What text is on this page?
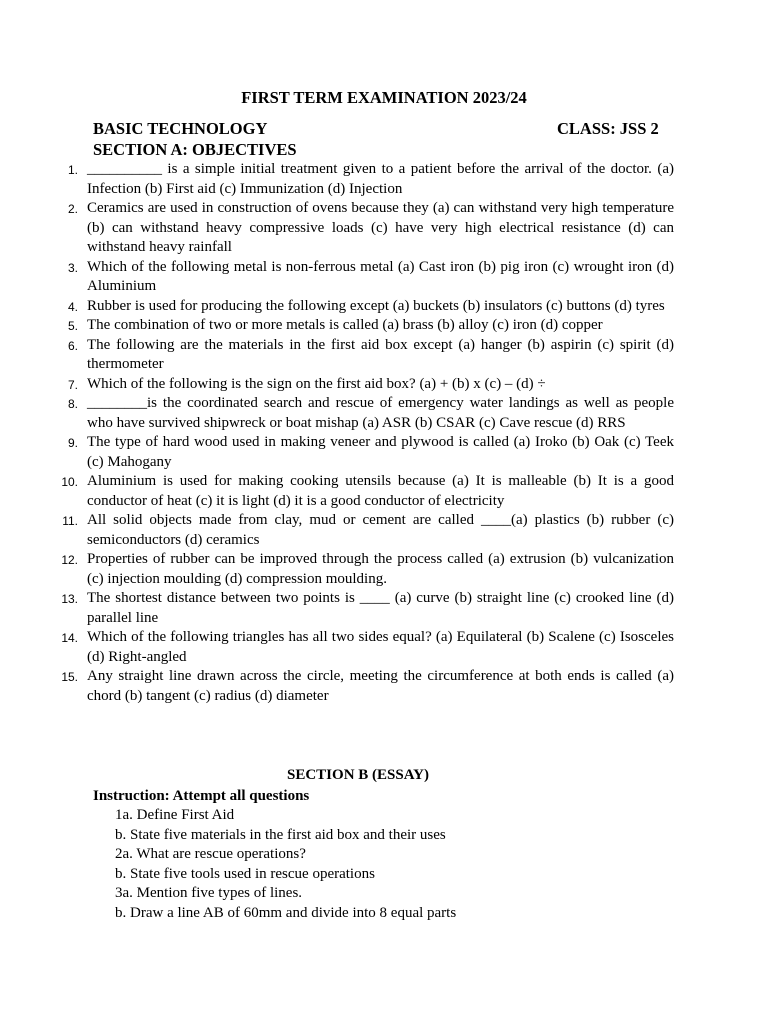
FIRST TERM EXAMINATION 2023/24
BASIC TECHNOLOGY	CLASS: JSS 2
SECTION A: OBJECTIVES
1. __________ is a simple initial treatment given to a patient before the arrival of the doctor. (a) Infection (b) First aid (c) Immunization (d) Injection
2. Ceramics are used in construction of ovens because they (a) can withstand very high temperature (b) can withstand heavy compressive loads (c) have very high electrical resistance (d) can withstand heavy rainfall
3. Which of the following metal is non-ferrous metal (a) Cast iron (b) pig iron (c) wrought iron (d) Aluminium
4. Rubber is used for producing the following except (a) buckets (b) insulators (c) buttons (d) tyres
5. The combination of two or more metals is called (a) brass (b) alloy (c) iron (d) copper
6. The following are the materials in the first aid box except (a) hanger (b) aspirin (c) spirit (d) thermometer
7. Which of the following is the sign on the first aid box? (a) + (b) x (c) – (d) ÷
8. ________is the coordinated search and rescue of emergency water landings as well as people who have survived shipwreck or boat mishap (a) ASR (b) CSAR (c) Cave rescue (d) RRS
9. The type of hard wood used in making veneer and plywood is called (a) Iroko (b) Oak (c) Teek (c) Mahogany
10. Aluminium is used for making cooking utensils because (a) It is malleable (b) It is a good conductor of heat (c) it is light (d) it is a good conductor of electricity
11. All solid objects made from clay, mud or cement are called ____(a) plastics (b) rubber (c) semiconductors (d) ceramics
12. Properties of rubber can be improved through the process called (a) extrusion (b) vulcanization (c) injection moulding (d) compression moulding.
13. The shortest distance between two points is ____ (a) curve (b) straight line (c) crooked line (d) parallel line
14. Which of the following triangles has all two sides equal? (a) Equilateral (b) Scalene (c) Isosceles (d) Right-angled
15. Any straight line drawn across the circle, meeting the circumference at both ends is called (a) chord (b) tangent (c) radius (d) diameter
SECTION B (ESSAY)
Instruction: Attempt all questions
1a. Define First Aid
b. State five materials in the first aid box and their uses
2a. What are rescue operations?
b. State five tools used in rescue operations
3a. Mention five types of lines.
b. Draw a line AB of 60mm and divide into 8 equal parts
